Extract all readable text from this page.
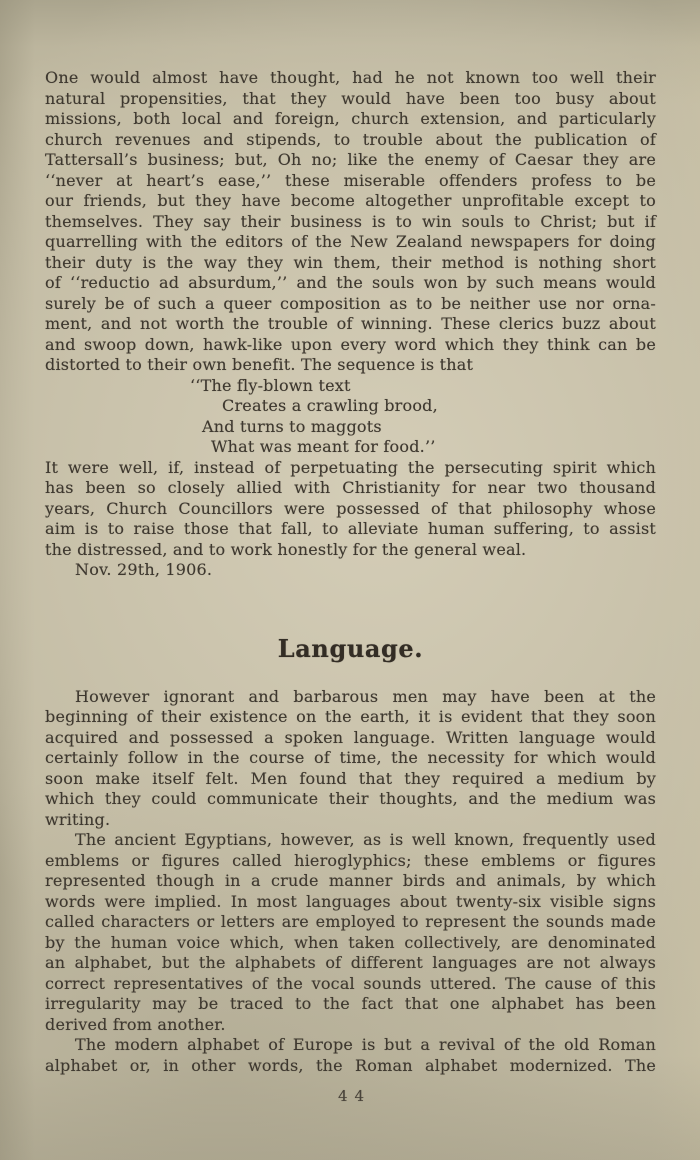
One would almost have thought, had he not known too well their
natural propensities, that they would have been too busy about
missions, both local and foreign, church extension, and particularly
church revenues and stipends, to trouble about the publication of
Tattersall’s business; but, Oh no; like the enemy of Caesar they are
‘‘never at heart’s ease,’’ these miserable offenders profess to be
our friends, but they have become altogether unprofitable except to
themselves. They say their business is to win souls to Christ; but if
quarrelling with the editors of the New Zealand newspapers for doing
their duty is the way they win them, their method is nothing short
of ‘‘reductio ad absurdum,’’ and the souls won by such means would
surely be of such a queer composition as to be neither use nor orna-
ment, and not worth the trouble of winning. These clerics buzz about
and swoop down, hawk-like upon every word which they think can be
distorted to their own benefit. The sequence is that
‘‘The fly-blown text
Creates a crawling brood,
And turns to maggots
What was meant for food.’’
It were well, if, instead of perpetuating the persecuting spirit which
has been so closely allied with Christianity for near two thousand
years, Church Councillors were possessed of that philosophy whose
aim is to raise those that fall, to alleviate human suffering, to assist
the distressed, and to work honestly for the general weal.
Nov. 29th, 1906.
Language.
However ignorant and barbarous men may have been at the
beginning of their existence on the earth, it is evident that they soon
acquired and possessed a spoken language. Written language would
certainly follow in the course of time, the necessity for which would
soon make itself felt. Men found that they required a medium by
which they could communicate their thoughts, and the medium was
writing.
The ancient Egyptians, however, as is well known, frequently used
emblems or figures called hieroglyphics; these emblems or figures
represented though in a crude manner birds and animals, by which
words were implied. In most languages about twenty-six visible signs
called characters or letters are employed to represent the sounds made
by the human voice which, when taken collectively, are denominated
an alphabet, but the alphabets of different languages are not always
correct representatives of the vocal sounds uttered. The cause of this
irregularity may be traced to the fact that one alphabet has been
derived from another.
The modern alphabet of Europe is but a revival of the old Roman
alphabet or, in other words, the Roman alphabet modernized. The
44
